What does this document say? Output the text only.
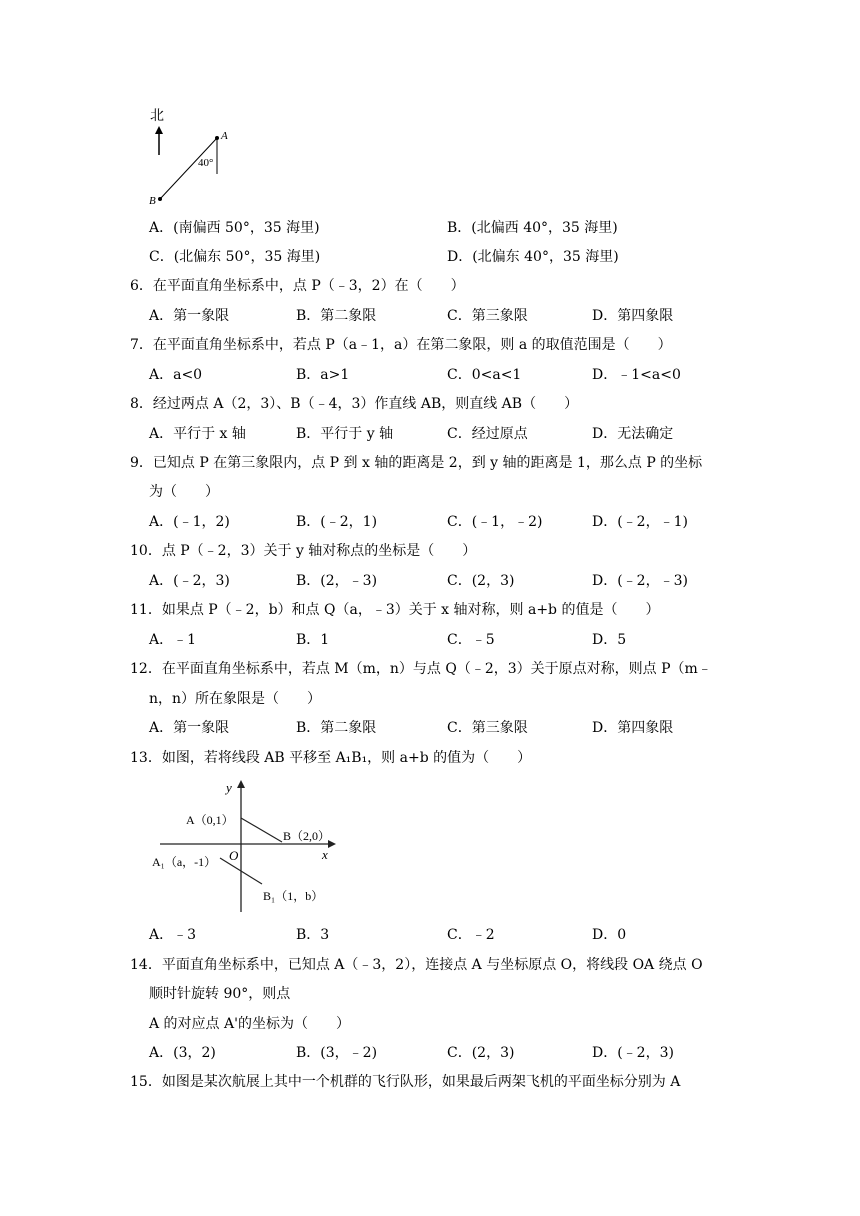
北
A
B
40°
A．(南偏西 50°，35 海里)	B．(北偏西 40°，35 海里)
C．(北偏东 50°，35 海里)	D．(北偏东 40°，35 海里)
6．在平面直角坐标系中，点 P（﹣3，2）在（　　）
A．第一象限	B．第二象限	C．第三象限	D．第四象限
7．在平面直角坐标系中，若点 P（a﹣1，a）在第二象限，则 a 的取值范围是（　　）
A．a<0	B．a>1	C．0<a<1	D．﹣1<a<0
8．经过两点 A（2，3）、B（﹣4，3）作直线 AB，则直线 AB（　　）
A．平行于 x 轴	B．平行于 y 轴	C．经过原点	D．无法确定
9．已知点 P 在第三象限内，点 P 到 x 轴的距离是 2，到 y 轴的距离是 1，那么点 P 的坐标
为（　　）
A．(﹣1，2)	B．(﹣2，1)	C．(﹣1，﹣2)	D．(﹣2，﹣1)
10．点 P（﹣2，3）关于 y 轴对称点的坐标是（　　）
A．(﹣2，3)	B．(2，﹣3)	C．(2，3)	D．(﹣2，﹣3)
11．如果点 P（﹣2，b）和点 Q（a，﹣3）关于 x 轴对称，则 a+b 的值是（　　）
A．﹣1	B．1	C．﹣5	D．5
12．在平面直角坐标系中，若点 M（m，n）与点 Q（﹣2，3）关于原点对称，则点 P（m﹣
n，n）所在象限是（　　）
A．第一象限	B．第二象限	C．第三象限	D．第四象限
13．如图，若将线段 AB 平移至 A₁B₁，则 a+b 的值为（　　）
y
x
O
A（0,1）
B（2,0）
A₁（a，-1）
B₁（1，b）
A．﹣3	B．3	C．﹣2	D．0
14．平面直角坐标系中，已知点 A（﹣3，2），连接点 A 与坐标原点 O，将线段 OA 绕点 O
顺时针旋转 90°，则点
A 的对应点 A'的坐标为（　　）
A．(3，2)	B．(3，﹣2)	C．(2，3)	D．(﹣2，3)
15．如图是某次航展上其中一个机群的飞行队形，如果最后两架飞机的平面坐标分别为 A
